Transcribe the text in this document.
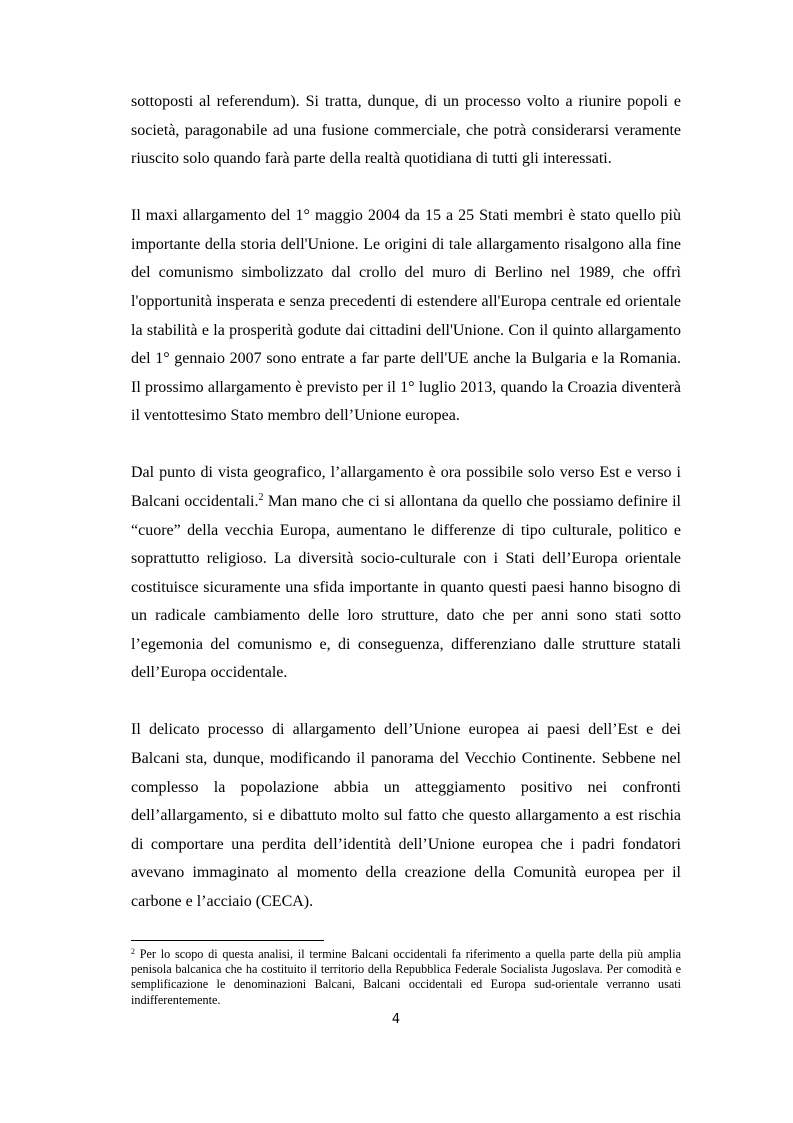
sottoposti al referendum). Si tratta, dunque, di un processo volto a riunire popoli e società, paragonabile ad una fusione commerciale, che potrà considerarsi veramente riuscito solo quando farà parte della realtà quotidiana di tutti gli interessati.

Il maxi allargamento del 1° maggio 2004 da 15 a 25 Stati membri è stato quello più importante della storia dell'Unione. Le origini di tale allargamento risalgono alla fine del comunismo simbolizzato dal crollo del muro di Berlino nel 1989, che offrì l'opportunità insperata e senza precedenti di estendere all'Europa centrale ed orientale la stabilità e la prosperità godute dai cittadini dell'Unione. Con il quinto allargamento del 1° gennaio 2007 sono entrate a far parte dell'UE anche la Bulgaria e la Romania. Il prossimo allargamento è previsto per il 1° luglio 2013, quando la Croazia diventerà il ventottesimo Stato membro dell’Unione europea.

Dal punto di vista geografico, l’allargamento è ora possibile solo verso Est e verso i Balcani occidentali.$^2$ Man mano che ci si allontana da quello che possiamo definire il “cuore” della vecchia Europa, aumentano le differenze di tipo culturale, politico e soprattutto religioso. La diversità socio-culturale con i Stati dell’Europa orientale costituisce sicuramente una sfida importante in quanto questi paesi hanno bisogno di un radicale cambiamento delle loro strutture, dato che per anni sono stati sotto l’egemonia del comunismo e, di conseguenza, differenziano dalle strutture statali dell’Europa occidentale.

Il delicato processo di allargamento dell’Unione europea ai paesi dell’Est e dei Balcani sta, dunque, modificando il panorama del Vecchio Continente. Sebbene nel complesso la popolazione abbia un atteggiamento positivo nei confronti dell’allargamento, si e dibattuto molto sul fatto che questo allargamento a est rischia di comportare una perdita dell’identità dell’Unione europea che i padri fondatori avevano immaginato al momento della creazione della Comunità europea per il carbone e l’acciaio (CECA).

$^2$ Per lo scopo di questa analisi, il termine Balcani occidentali fa riferimento a quella parte della più amplia penisola balcanica che ha costituito il territorio della Repubblica Federale Socialista Jugoslava. Per comodità e semplificazione le denominazioni Balcani, Balcani occidentali ed Europa sud-orientale verranno usati indifferentemente.

4
